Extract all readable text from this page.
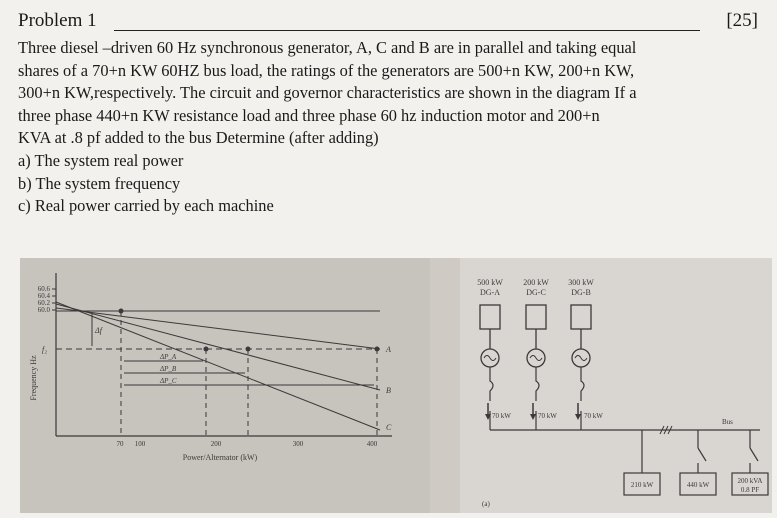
Problem 1	[25]

Three diesel –driven 60 Hz synchronous generator, A, C and B are in parallel and taking equal

shares of a 70+n KW 60HZ bus load, the ratings of the generators are 500+n KW, 200+n KW,

300+n KW,respectively. The circuit and governor characteristics are shown in the diagram If a

three phase 440+n KW resistance load and three phase 60 hz induction motor and 200+n

KVA at .8 pf added to the bus Determine (after adding)

a) The system real power

b) The system frequency

c) Real power carried by each machine

Frequency Hz
60.6
60.4
60.2
60.0
f₂
Δf
ΔP_A
ΔP_B
ΔP_C
A
B
C
70 100	200	300	400
Power/Alternator (kW)
500 kW
DG-A
200 kW
DG-C
300 kW
DG-B
70 kW	70 kW	70 kW
Bus
210 kW	440 kW	200 kVA
0.8 PF
(a)
